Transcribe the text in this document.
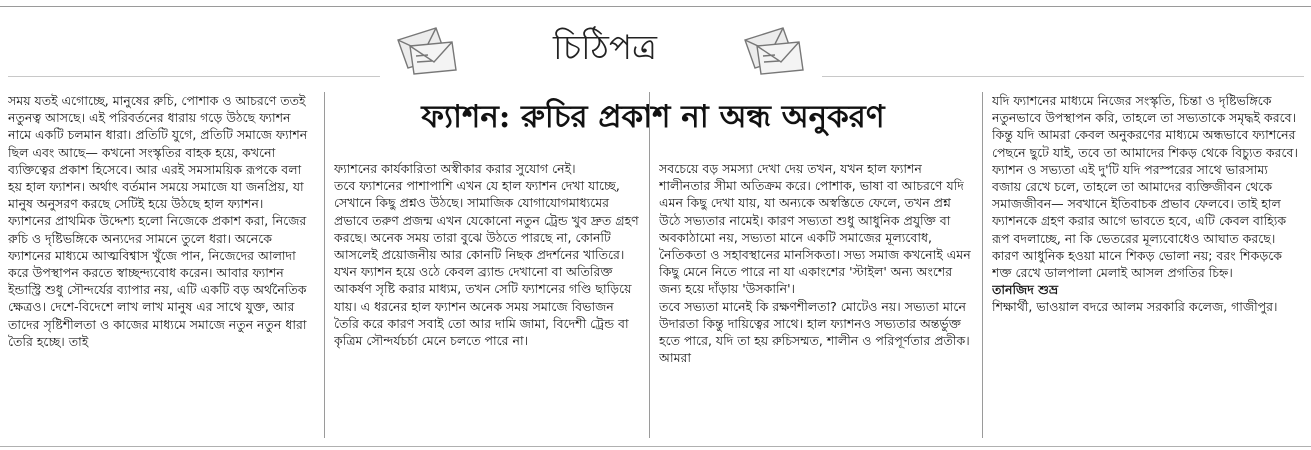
চিঠিপত্র
ফ্যাশন: রুচির প্রকাশ না অন্ধ অনুকরণ

সময় যতই এগোচ্ছে, মানুষের রুচি, পোশাক ও আচরণে ততই নতুনত্ব আসছে। এই পরিবর্তনের ধারায় গড়ে উঠছে ফ্যাশন নামে একটি চলমান ধারা। প্রতিটি যুগে, প্রতিটি সমাজে ফ্যাশন ছিল এবং আছে— কখনো সংস্কৃতির বাহক হয়ে, কখনো ব্যক্তিত্বের প্রকাশ হিসেবে। আর এরই সমসাময়িক রূপকে বলা হয় হাল ফ্যাশন। অর্থাৎ বর্তমান সময়ে সমাজে যা জনপ্রিয়, যা মানুষ অনুসরণ করছে সেটিই হয়ে উঠছে হাল ফ্যাশন।

ফ্যাশনের প্রাথমিক উদ্দেশ্য হলো নিজেকে প্রকাশ করা, নিজের রুচি ও দৃষ্টিভঙ্গিকে অন্যদের সামনে তুলে ধরা। অনেকে ফ্যাশনের মাধ্যমে আত্মবিশ্বাস খুঁজে পান, নিজেদের আলাদা করে উপস্থাপন করতে স্বাচ্ছন্দ্যবোধ করেন। আবার ফ্যাশন ইন্ডাস্ট্রি শুধু সৌন্দর্যের ব্যাপার নয়, এটি একটি বড় অর্থনৈতিক ক্ষেত্রও। দেশে-বিদেশে লাখ লাখ মানুষ এর সাথে যুক্ত, আর তাদের সৃষ্টিশীলতা ও কাজের মাধ্যমে সমাজে নতুন নতুন ধারা তৈরি হচ্ছে। তাই

ফ্যাশনের কার্যকারিতা অস্বীকার করার সুযোগ নেই।

তবে ফ্যাশনের পাশাপাশি এখন যে হাল ফ্যাশন দেখা যাচ্ছে, সেখানে কিছু প্রশ্নও উঠছে। সামাজিক যোগাযোগমাধ্যমের প্রভাবে তরুণ প্রজন্ম এখন যেকোনো নতুন ট্রেন্ড খুব দ্রুত গ্রহণ করছে। অনেক সময় তারা বুঝে উঠতে পারছে না, কোনটি আসলেই প্রয়োজনীয় আর কোনটি নিছক প্রদর্শনের খাতিরে। যখন ফ্যাশন হয়ে ওঠে কেবল ব্র্যান্ড দেখানো বা অতিরিক্ত আকর্ষণ সৃষ্টি করার মাধ্যম, তখন সেটি ফ্যাশনের গণ্ডি ছাড়িয়ে যায়। এ ধরনের হাল ফ্যাশন অনেক সময় সমাজে বিভাজন তৈরি করে কারণ সবাই তো আর দামি জামা, বিদেশী ট্রেন্ড বা কৃত্রিম সৌন্দর্যচর্চা মেনে চলতে পারে না।

সবচেয়ে বড় সমস্যা দেখা দেয় তখন, যখন হাল ফ্যাশন শালীনতার সীমা অতিক্রম করে। পোশাক, ভাষা বা আচরণে যদি এমন কিছু দেখা যায়, যা অন্যকে অস্বস্তিতে ফেলে, তখন প্রশ্ন উঠে সভ্যতার নামেই। কারণ সভ্যতা শুধু আধুনিক প্রযুক্তি বা অবকাঠামো নয়, সভ্যতা মানে একটি সমাজের মূল্যবোধ, নৈতিকতা ও সহাবস্থানের মানসিকতা। সভ্য সমাজ কখনোই এমন কিছু মেনে নিতে পারে না যা একাংশের 'স্টাইল' অন্য অংশের জন্য হয়ে দাঁড়ায় 'উসকানি'।

তবে সভ্যতা মানেই কি রক্ষণশীলতা? মোটেও নয়। সভ্যতা মানে উদারতা কিন্তু দায়িত্বের সাথে। হাল ফ্যাশনও সভ্যতার অন্তর্ভুক্ত হতে পারে, যদি তা হয় রুচিসম্মত, শালীন ও পরিপূর্ণতার প্রতীক। আমরা

যদি ফ্যাশনের মাধ্যমে নিজের সংস্কৃতি, চিন্তা ও দৃষ্টিভঙ্গিকে নতুনভাবে উপস্থাপন করি, তাহলে তা সভ্যতাকে সমৃদ্ধই করবে। কিন্তু যদি আমরা কেবল অনুকরণের মাধ্যমে অন্ধভাবে ফ্যাশনের পেছনে ছুটে যাই, তবে তা আমাদের শিকড় থেকে বিচ্যুত করবে।

ফ্যাশন ও সভ্যতা এই দু'টি যদি পরস্পরের সাথে ভারসাম্য বজায় রেখে চলে, তাহলে তা আমাদের ব্যক্তিজীবন থেকে সমাজজীবন— সবখানে ইতিবাচক প্রভাব ফেলবে। তাই হাল ফ্যাশনকে গ্রহণ করার আগে ভাবতে হবে, এটি কেবল বাহ্যিক রূপ বদলাচ্ছে, না কি ভেতরের মূল্যবোধেও আঘাত করছে। কারণ আধুনিক হওয়া মানে শিকড় ভোলা নয়; বরং শিকড়কে শক্ত রেখে ডালপালা মেলাই আসল প্রগতির চিহ্ন।

তানজিদ শুভ্র

শিক্ষার্থী, ভাওয়াল বদরে আলম সরকারি কলেজ, গাজীপুর।
